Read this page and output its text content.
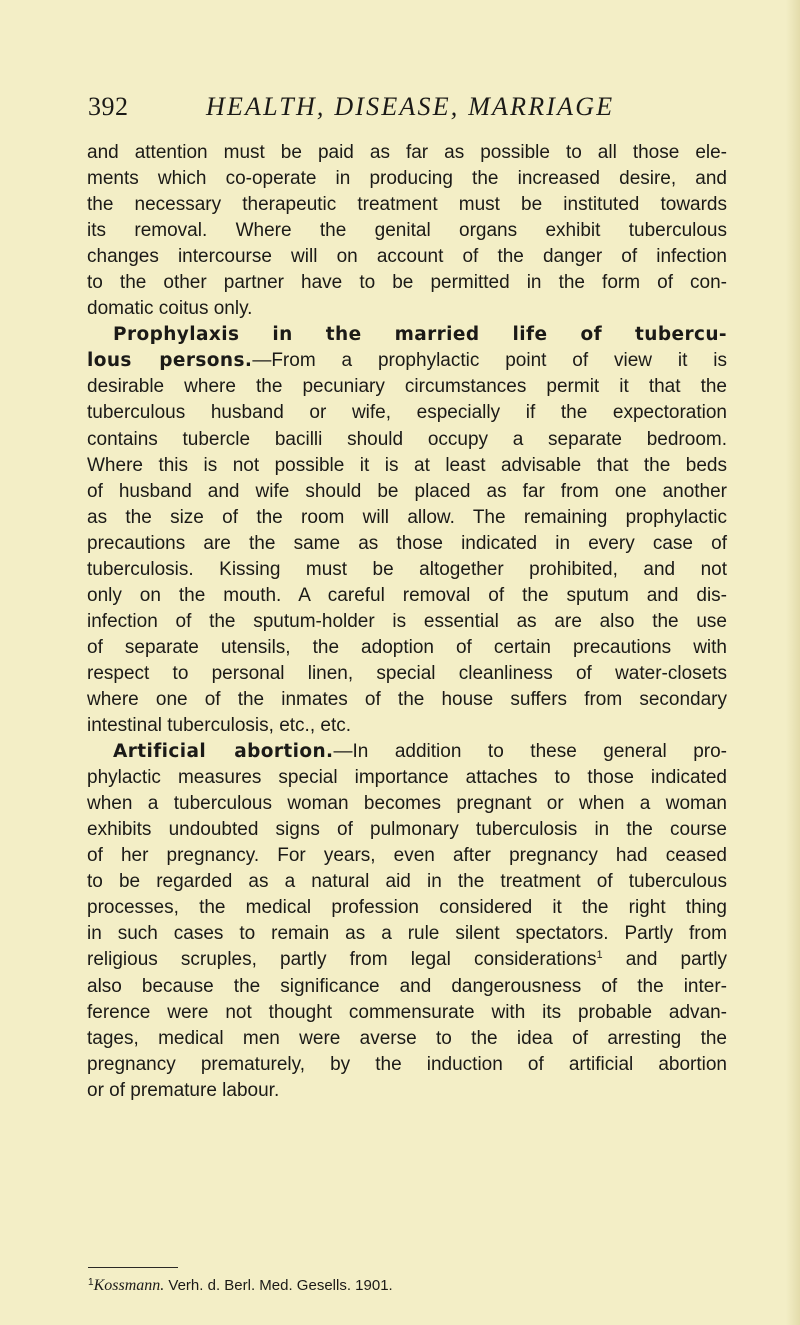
392	HEALTH, DISEASE, MARRIAGE
and attention must be paid as far as possible to all those ele-
ments which co-operate in producing the increased desire, and
the necessary therapeutic treatment must be instituted towards
its removal. Where the genital organs exhibit tuberculous
changes intercourse will on account of the danger of infection
to the other partner have to be permitted in the form of con-
domatic coitus only.
Prophylaxis in the married life of tubercu-
lous persons.—From a prophylactic point of view it is
desirable where the pecuniary circumstances permit it that the
tuberculous husband or wife, especially if the expectoration
contains tubercle bacilli should occupy a separate bedroom.
Where this is not possible it is at least advisable that the beds
of husband and wife should be placed as far from one another
as the size of the room will allow. The remaining prophylactic
precautions are the same as those indicated in every case of
tuberculosis. Kissing must be altogether prohibited, and not
only on the mouth. A careful removal of the sputum and dis-
infection of the sputum-holder is essential as are also the use
of separate utensils, the adoption of certain precautions with
respect to personal linen, special cleanliness of water-closets
where one of the inmates of the house suffers from secondary
intestinal tuberculosis, etc., etc.
Artificial abortion.—In addition to these general pro-
phylactic measures special importance attaches to those indicated
when a tuberculous woman becomes pregnant or when a woman
exhibits undoubted signs of pulmonary tuberculosis in the course
of her pregnancy. For years, even after pregnancy had ceased
to be regarded as a natural aid in the treatment of tuberculous
processes, the medical profession considered it the right thing
in such cases to remain as a rule silent spectators. Partly from
religious scruples, partly from legal considerations$^1$ and partly
also because the significance and dangerousness of the inter-
ference were not thought commensurate with its probable advan-
tages, medical men were averse to the idea of arresting the
pregnancy prematurely, by the induction of artificial abortion
or of premature labour.
$^1$Kossmann. Verh. d. Berl. Med. Gesells. 1901.
